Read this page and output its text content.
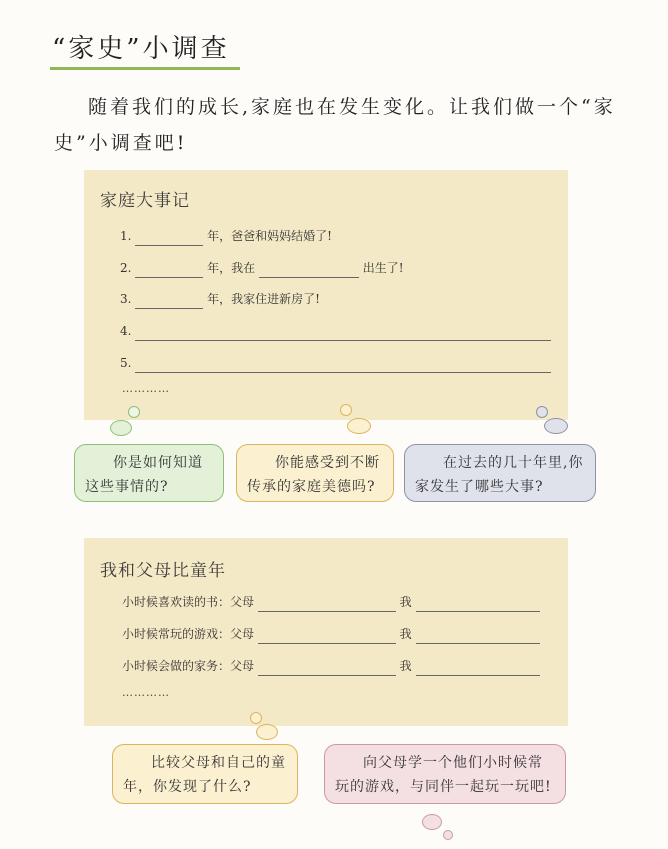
“家史”小调查
随着我们的成长,家庭也在发生变化。让我们做一个“家
史”小调查吧!
家庭大事记
1.	年，爸爸和妈妈结婚了!
2.	年，我在	出生了!
3.	年，我家住进新房了!
4.
5.
…………
你是如何知道这些事情的?
你能感受到不断传承的家庭美德吗?
在过去的几十年里,你家发生了哪些大事?
我和父母比童年
小时候喜欢读的书：父母	我
小时候常玩的游戏：父母	我
小时候会做的家务：父母	我
…………
比较父母和自己的童年，你发现了什么?
向父母学一个他们小时候常玩的游戏，与同伴一起玩一玩吧!
